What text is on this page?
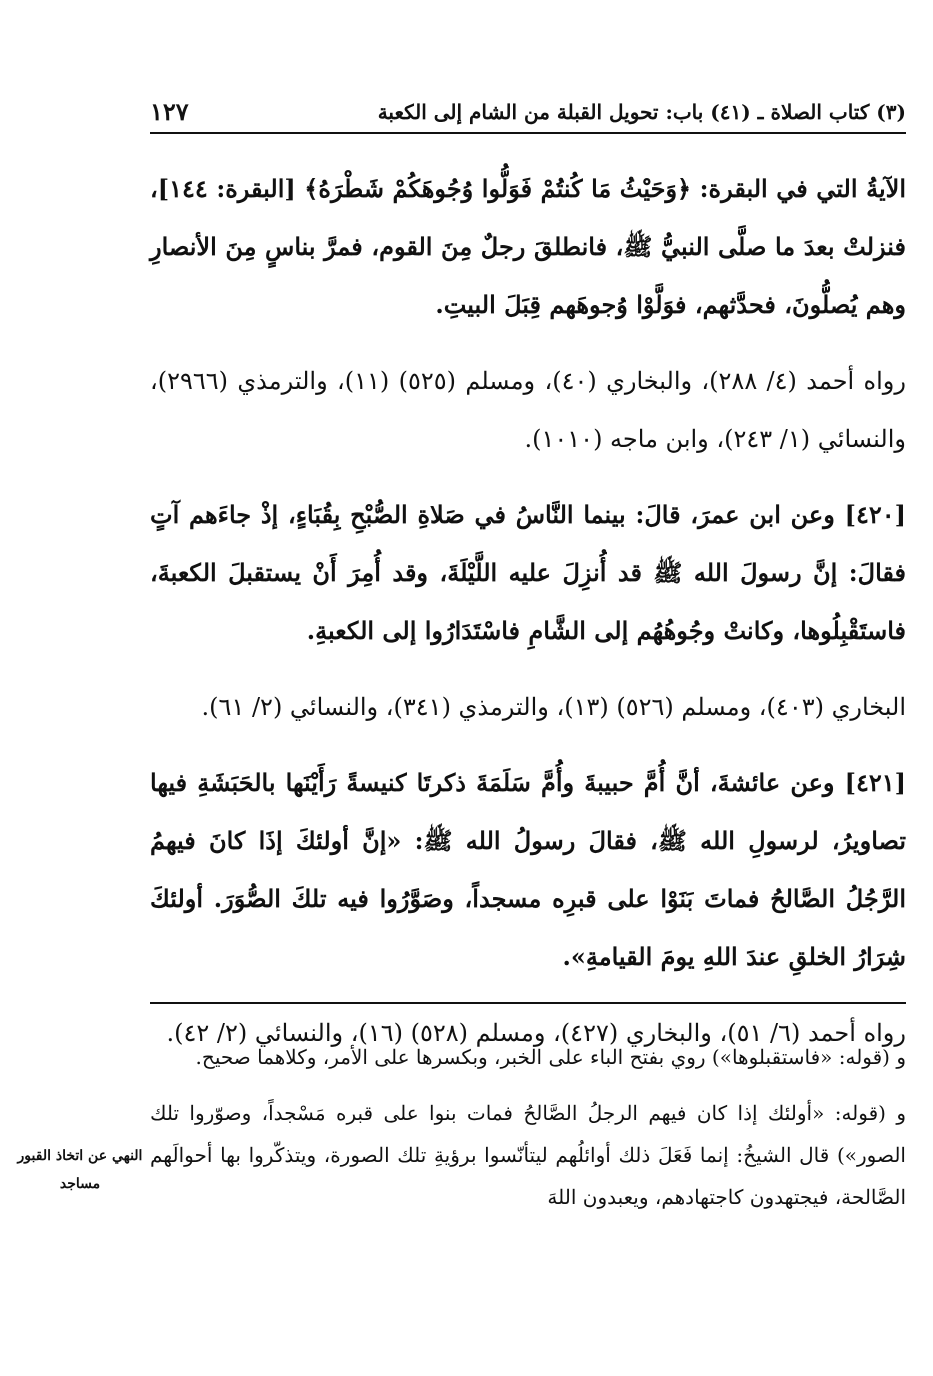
١٢٧	(٣) كتاب الصلاة ـ (٤١) باب: تحويل القبلة من الشام إلى الكعبة

الآيةُ التي في البقرة: ﴿وَحَيْثُ مَا كُنتُمْ فَوَلُّوا وُجُوهَكُمْ شَطْرَهُ﴾ [البقرة: ١٤٤]، فنزلتْ بعدَ ما صلَّى النبيُّ ﷺ، فانطلقَ رجلٌ مِنَ القوم، فمرَّ بناسٍ مِنَ الأنصارِ وهم يُصلُّونَ، فحدَّثهم، فوَلَّوْا وُجوهَهم قِبَلَ البيتِ.

رواه أحمد (٤/ ٢٨٨)، والبخاري (٤٠)، ومسلم (٥٢٥) (١١)، والترمذي (٢٩٦٦)، والنسائي (١/ ٢٤٣)، وابن ماجه (١٠١٠).

[٤٢٠] وعن ابن عمرَ، قالَ: بينما النَّاسُ في صَلاةِ الصُّبْحِ بِقُبَاءٍ، إذْ جاءَهم آتٍ فقالَ: إنَّ رسولَ الله ﷺ قد أُنزِلَ عليه اللَّيْلَةَ، وقد أُمِرَ أَنْ يستقبلَ الكعبةَ، فاستَقْبِلُوها، وكانتْ وجُوهُهُم إلى الشَّامِ فاسْتَدَارُوا إلى الكعبةِ.

البخاري (٤٠٣)، ومسلم (٥٢٦) (١٣)، والترمذي (٣٤١)، والنسائي (٢/ ٦١).

[٤٢١] وعن عائشةَ، أنَّ أُمَّ حبيبةَ وأُمَّ سَلَمَةَ ذكرتَا كنيسةً رَأَيْنَها بالحَبَشَةِ فيها تصاويرُ، لرسولِ الله ﷺ، فقالَ رسولُ الله ﷺ: «إنَّ أولئكَ إذَا كانَ فيهمُ الرَّجُلُ الصَّالحُ فماتَ بَنَوْا على قبرِه مسجداً، وصَوَّرُوا فيه تلكَ الصُّوَرَ. أولئكَ شِرَارُ الخلقِ عندَ اللهِ يومَ القيامةِ».

رواه أحمد (٦/ ٥١)، والبخاري (٤٢٧)، ومسلم (٥٢٨) (١٦)، والنسائي (٢/ ٤٢).

و (قوله: «فاستقبلوها») روي بفتح الباء على الخبر، وبكسرها على الأمر، وكلاهما صحيح.

و (قوله: «أولئك إذا كان فيهم الرجلُ الصَّالحُ فمات بنوا على قبره مَسْجداً، وصوّروا تلك الصور») قال الشيخُ: إنما فَعَلَ ذلك أوائلُهم ليتأنّسوا برؤيةِ تلك الصورة، ويتذكّروا بها أحوالَهم الصَّالحة، فيجتهدون كاجتهادهم، ويعبدون اللهَ

النهي عن اتخاذ القبور مساجد
